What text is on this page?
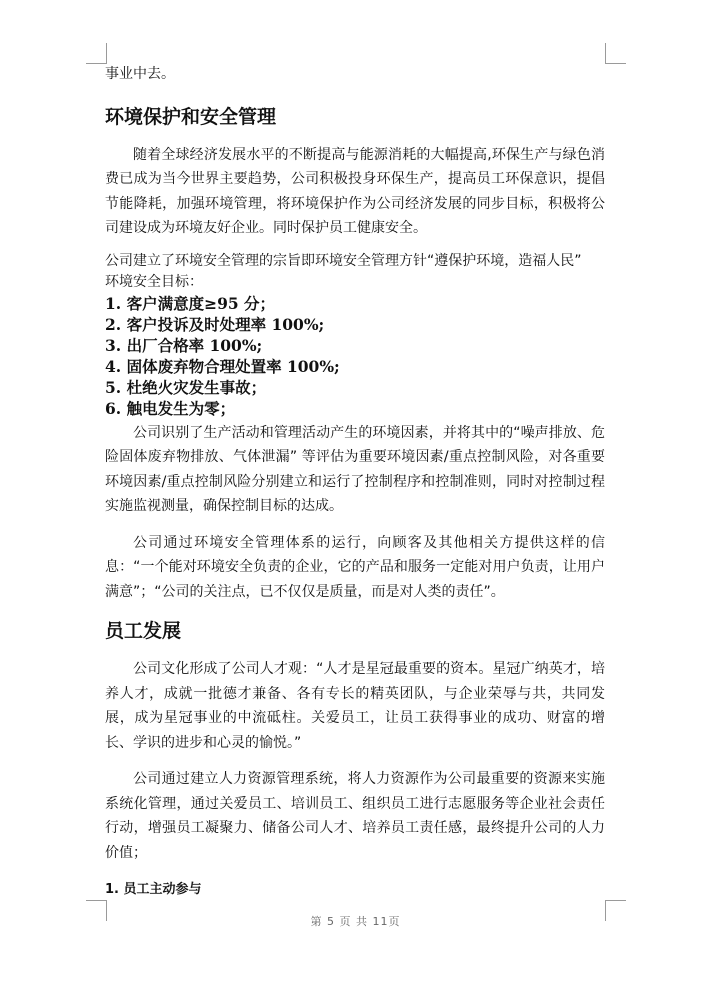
事业中去。

环境保护和安全管理

随着全球经济发展水平的不断提高与能源消耗的大幅提高,环保生产与绿色消费已成为当今世界主要趋势，公司积极投身环保生产，提高员工环保意识，提倡节能降耗，加强环境管理，将环境保护作为公司经济发展的同步目标，积极将公司建设成为环境友好企业。同时保护员工健康安全。

公司建立了环境安全管理的宗旨即环境安全管理方针“遵保护环境，造福人民”

环境安全目标：

1. 客户满意度≥95 分；

2. 客户投诉及时处理率 100%;

3. 出厂合格率 100%;

4. 固体废弃物合理处置率 100%;

5. 杜绝火灾发生事故；

6. 触电发生为零；

公司识别了生产活动和管理活动产生的环境因素，并将其中的“噪声排放、危险固体废弃物排放、气体泄漏” 等评估为重要环境因素/重点控制风险，对各重要环境因素/重点控制风险分别建立和运行了控制程序和控制准则，同时对控制过程实施监视测量，确保控制目标的达成。

公司通过环境安全管理体系的运行，向顾客及其他相关方提供这样的信息：“一个能对环境安全负责的企业，它的产品和服务一定能对用户负责，让用户满意”；“公司的关注点，已不仅仅是质量，而是对人类的责任”。

员工发展

公司文化形成了公司人才观：“人才是星冠最重要的资本。星冠广纳英才，培养人才，成就一批德才兼备、各有专长的精英团队，与企业荣辱与共，共同发展，成为星冠事业的中流砥柱。关爱员工，让员工获得事业的成功、财富的增长、学识的进步和心灵的愉悦。”

公司通过建立人力资源管理系统，将人力资源作为公司最重要的资源来实施系统化管理，通过关爱员工、培训员工、组织员工进行志愿服务等企业社会责任行动，增强员工凝聚力、储备公司人才、培养员工责任感，最终提升公司的人力价值；

1. 员工主动参与

第 5 页 共 11页
